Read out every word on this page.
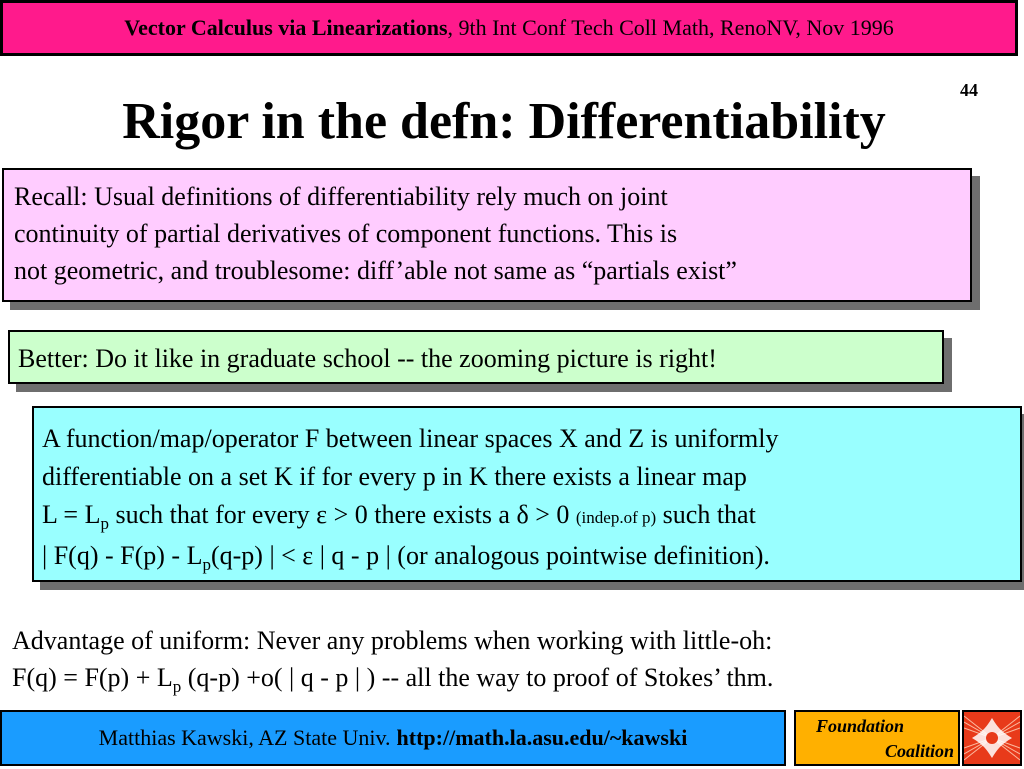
Vector Calculus via Linearizations , 9th Int Conf Tech Coll Math, RenoNV, Nov 1996
44
Rigor in the defn: Differentiability
Recall: Usual definitions of differentiability rely much on joint
continuity of partial derivatives of component functions. This is
not geometric, and troublesome: diff’able not same as “partials exist”
Better: Do it like in graduate school -- the zooming picture is right!
A function/map/operator F between linear spaces X and Z is uniformly
differentiable on a set K if for every p in K there exists a linear map
$L = L_p$ such that for every ε > 0 there exists a δ > 0 (indep.of p) such that
| $F(q) - F(p) - L_p(q-p)$ | < ε | q - p | (or analogous pointwise definition).
Advantage of uniform: Never any problems when working with little-oh:
$F(q) = F(p) + L_p$ (q-p) +o( | q - p | ) -- all the way to proof of Stokes’ thm.
Matthias Kawski, AZ State Univ. http://math.la.asu.edu/~kawski	Foundation
Coalition
